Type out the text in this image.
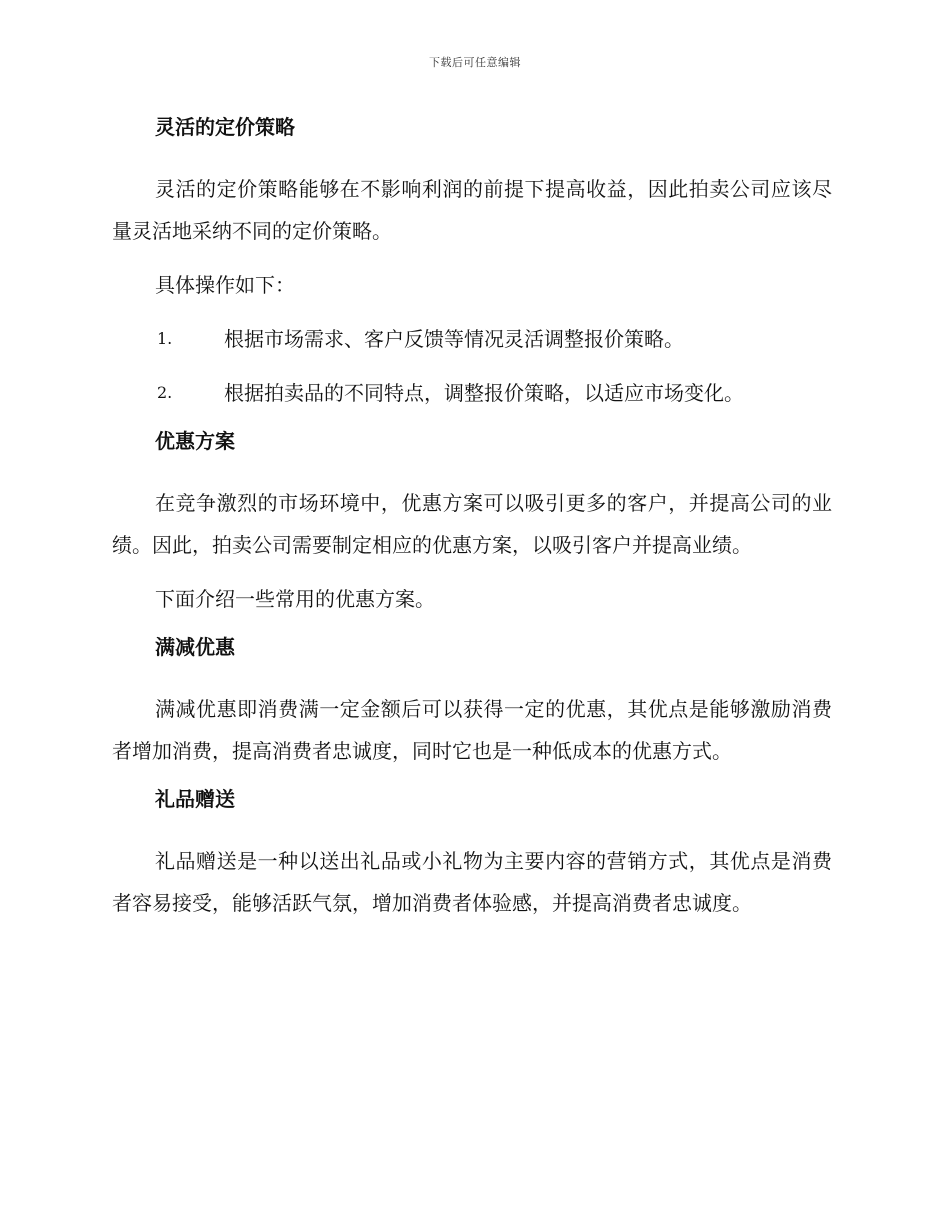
下载后可任意编辑
灵活的定价策略

灵活的定价策略能够在不影响利润的前提下提高收益，因此拍卖公司应该尽量灵活地采纳不同的定价策略。

具体操作如下：

1.	根据市场需求、客户反馈等情况灵活调整报价策略。
2.	根据拍卖品的不同特点，调整报价策略，以适应市场变化。
优惠方案

在竞争激烈的市场环境中，优惠方案可以吸引更多的客户，并提高公司的业绩。因此，拍卖公司需要制定相应的优惠方案，以吸引客户并提高业绩。

下面介绍一些常用的优惠方案。

满减优惠

满减优惠即消费满一定金额后可以获得一定的优惠，其优点是能够激励消费者增加消费，提高消费者忠诚度，同时它也是一种低成本的优惠方式。

礼品赠送

礼品赠送是一种以送出礼品或小礼物为主要内容的营销方式，其优点是消费者容易接受，能够活跃气氛，增加消费者体验感，并提高消费者忠诚度。
